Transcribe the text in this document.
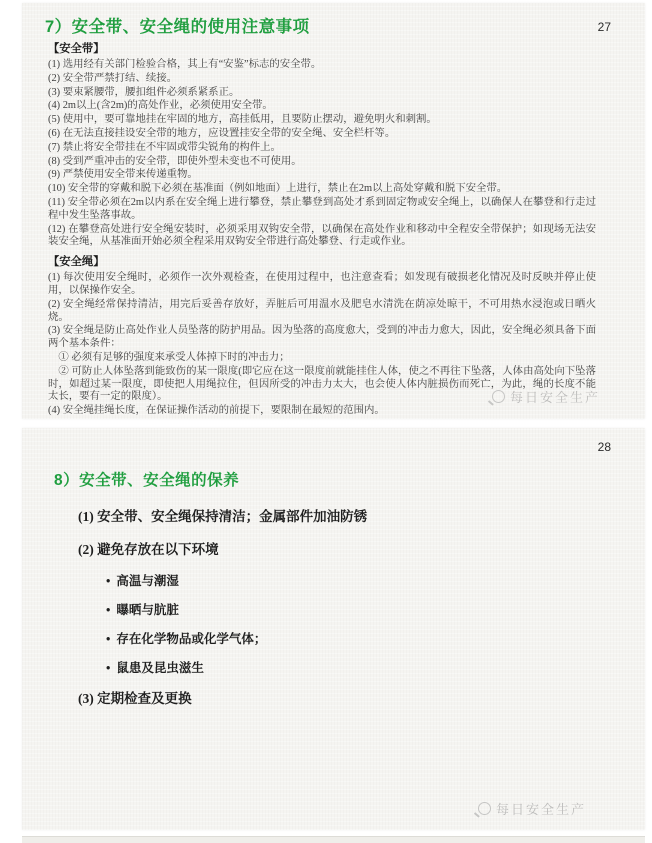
27
7）安全带、安全绳的使用注意事项

【安全带】

(1) 选用经有关部门检验合格，其上有“安鉴”标志的安全带。

(2) 安全带严禁打结、续接。

(3) 要束紧腰带，腰扣组件必须系紧系正。

(4) 2m以上(含2m)的高处作业，必须使用安全带。

(5) 使用中，要可靠地挂在牢固的地方，高挂低用，且要防止摆动，避免明火和刺割。

(6) 在无法直接挂设安全带的地方，应设置挂安全带的安全绳、安全栏杆等。

(7) 禁止将安全带挂在不牢固或带尖锐角的构件上。

(8) 受到严重冲击的安全带，即使外型未变也不可使用。

(9) 严禁使用安全带来传递重物。

(10) 安全带的穿戴和脱下必须在基准面（例如地面）上进行，禁止在2m以上高处穿戴和脱下安全带。

(11) 安全带必须在2m以内系在安全绳上进行攀登，禁止攀登到高处才系到固定物或安全绳上，以确保人在攀登和行走过程中发生坠落事故。

(12) 在攀登高处进行安全绳安装时，必须采用双钩安全带，以确保在高处作业和移动中全程安全带保护；如现场无法安装安全绳，从基准面开始必须全程采用双钩安全带进行高处攀登、行走或作业。

【安全绳】

(1) 每次使用安全绳时，必须作一次外观检查，在使用过程中，也注意查看；如发现有破损老化情况及时反映并停止使用，以保操作安全。

(2) 安全绳经常保持清洁，用完后妥善存放好，弄脏后可用温水及肥皂水清洗在荫凉处晾干，不可用热水浸泡或日晒火烧。

(3) 安全绳是防止高处作业人员坠落的防护用品。因为坠落的高度愈大，受到的冲击力愈大，因此，安全绳必须具备下面两个基本条件：

　① 必须有足够的强度来承受人体掉下时的冲击力；

　② 可防止人体坠落到能致伤的某一限度(即它应在这一限度前就能挂住人体，使之不再往下坠落，人体由高处向下坠落时，如超过某一限度，即使把人用绳拉住，但因所受的冲击力太大，也会使人体内脏损伤而死亡，为此，绳的长度不能太长，要有一定的限度）。

(4) 安全绳挂绳长度，在保证操作活动的前提下，要限制在最短的范围内。

28
8）安全带、安全绳的保养

(1) 安全带、安全绳保持清洁；金属部件加油防锈

(2) 避免存放在以下环境

• 高温与潮湿

• 曝晒与肮脏

• 存在化学物品或化学气体；

• 鼠患及昆虫滋生

(3) 定期检查及更换

每日安全生产
每日安全生产
